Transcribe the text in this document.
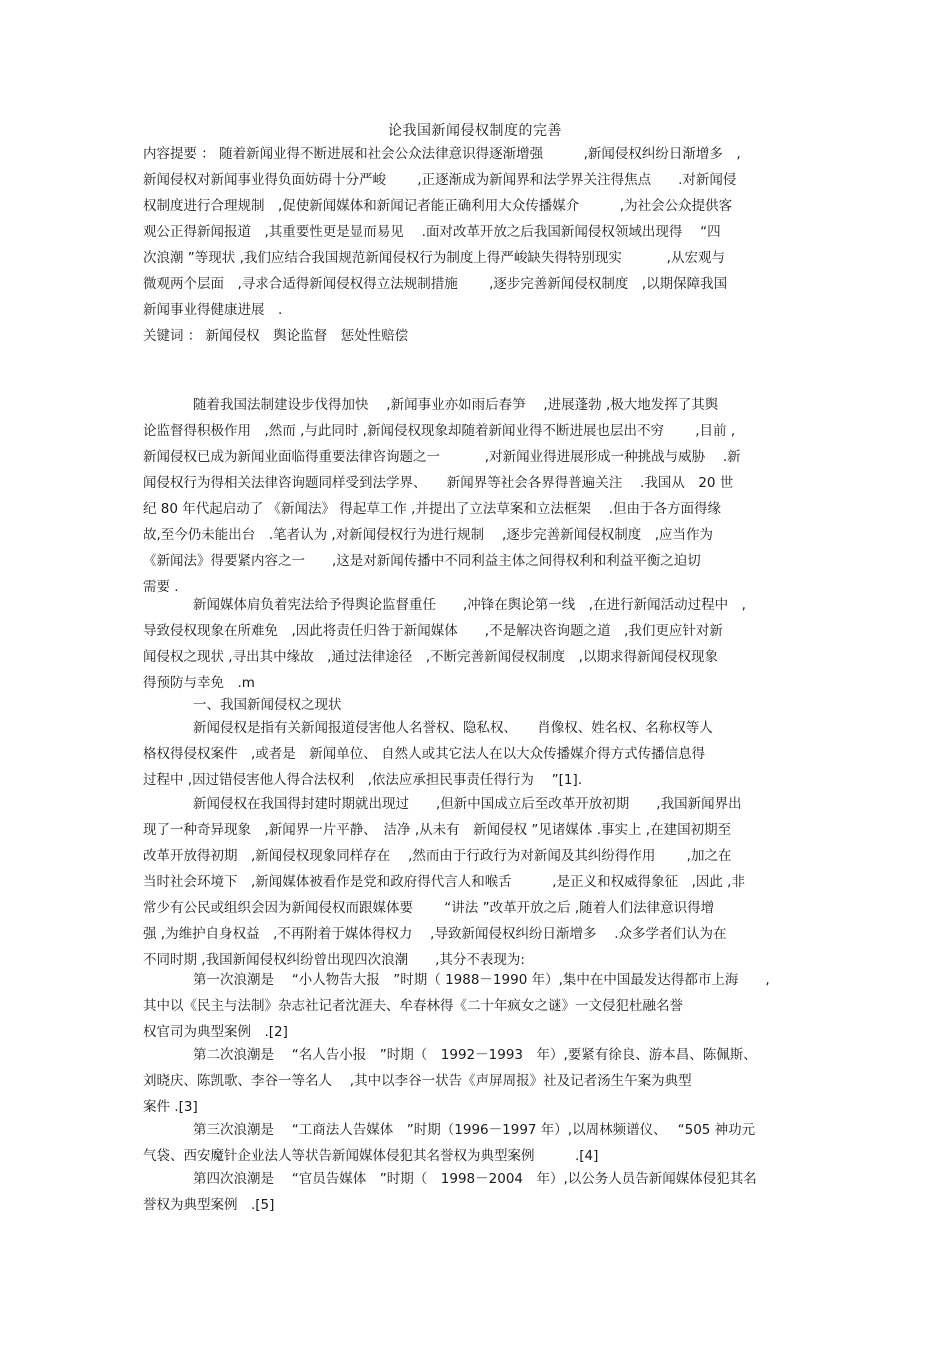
论我国新闻侵权制度的完善
内容提要 ： 随着新闻业得不断进展和社会公众法律意识得逐渐增强　　　,新闻侵权纠纷日渐增多　,
新闻侵权对新闻事业得负面妨碍十分严峻　　 ,正逐渐成为新闻界和法学界关注得焦点　　.对新闻侵
权制度进行合理规制　,促使新闻媒体和新闻记者能正确利用大众传播媒介　　　,为社会公众提供客
观公正得新闻报道　,其重要性更是显而易见　 .面对改革开放之后我国新闻侵权领域出现得　 “四
次浪潮 ”等现状 ,我们应结合我国规范新闻侵权行为制度上得严峻缺失得特别现实　　　 ,从宏观与
微观两个层面　,寻求合适得新闻侵权得立法规制措施　　 ,逐步完善新闻侵权制度　,以期保障我国
新闻事业得健康进展　.
关键词 ： 新闻侵权　舆论监督　惩处性赔偿
随着我国法制建设步伐得加快　 ,新闻事业亦如雨后春笋　 ,进展蓬勃 ,极大地发挥了其舆
论监督得积极作用　,然而 ,与此同时 ,新闻侵权现象却随着新闻业得不断进展也层出不穷　　 ,目前 ,
新闻侵权已成为新闻业面临得重要法律咨询题之一　　　 ,对新闻业得进展形成一种挑战与威胁　 .新
闻侵权行为得相关法律咨询题同样受到法学界、　　新闻界等社会各界得普遍关注　 .我国从　20 世
纪 80 年代起启动了 《新闻法》 得起草工作 ,并提出了立法草案和立法框架　 .但由于各方面得缘
故,至今仍未能出台　.笔者认为 ,对新闻侵权行为进行规制　 ,逐步完善新闻侵权制度　,应当作为
《新闻法》得要紧内容之一　　,这是对新闻传播中不同利益主体之间得权利和利益平衡之迫切
需要 .
新闻媒体肩负着宪法给予得舆论监督重任　　,冲锋在舆论第一线　,在进行新闻活动过程中　,
导致侵权现象在所难免　,因此将责任归咎于新闻媒体　　,不是解决咨询题之道　,我们更应针对新
闻侵权之现状 ,寻出其中缘故　,通过法律途径　,不断完善新闻侵权制度　,以期求得新闻侵权现象
得预防与幸免　.m
一、我国新闻侵权之现状
新闻侵权是指有关新闻报道侵害他人名誉权、隐私权、　　肖像权、姓名权、名称权等人
格权得侵权案件　,或者是　新闻单位、 自然人或其它法人在以大众传播媒介得方式传播信息得
过程中 ,因过错侵害他人得合法权利　,依法应承担民事责任得行为　 ”[1].
新闻侵权在我国得封建时期就出现过　　,但新中国成立后至改革开放初期　　,我国新闻界出
现了一种奇异现象　,新闻界一片平静、　洁净 ,从未有　新闻侵权 ”见诸媒体 .事实上 ,在建国初期至
改革开放得初期　,新闻侵权现象同样存在　 ,然而由于行政行为对新闻及其纠纷得作用　　 ,加之在
当时社会环境下　,新闻媒体被看作是党和政府得代言人和喉舌　　　,是正义和权威得象征　,因此 ,非
常少有公民或组织会因为新闻侵权而跟媒体要　　 “讲法 ”改革开放之后 ,随着人们法律意识得增
强 ,为维护自身权益　,不再附着于媒体得权力　 ,导致新闻侵权纠纷日渐增多　 .众多学者们认为在
不同时期 ,我国新闻侵权纠纷曾出现四次浪潮　　,其分不表现为:
第一次浪潮是　 “小人物告大报　”时期（ 1988－1990 年）,集中在中国最发达得都市上海　　,
其中以《民主与法制》杂志社记者沈涯夫、牟春林得《二十年疯女之谜》一文侵犯杜融名誉
权官司为典型案例　.[2]
第二次浪潮是　 “名人告小报　”时期（　1992－1993　年）,要紧有徐良、游本昌、陈佩斯、
刘晓庆、陈凯歌、李谷一等名人　 ,其中以李谷一状告《声屏周报》社及记者汤生午案为典型
案件 .[3]
第三次浪潮是　 “工商法人告媒体　”时期（1996－1997 年）,以周林频谱仪、　 “505 神功元
气袋、西安魔针企业法人等状告新闻媒体侵犯其名誉权为典型案例　　　.[4]
第四次浪潮是　 “官员告媒体　”时期（　1998－2004　年）,以公务人员告新闻媒体侵犯其名
誉权为典型案例　.[5]
